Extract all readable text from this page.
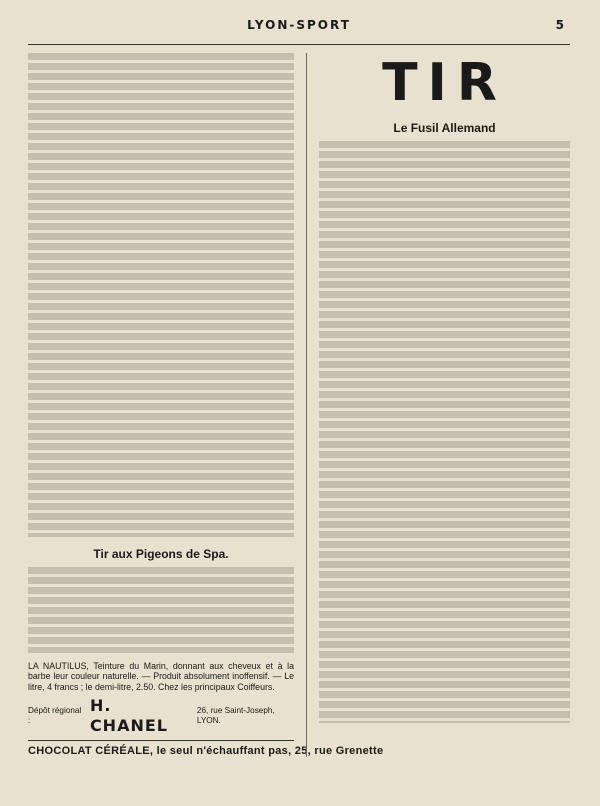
LYON-SPORT	5
Tir aux Pigeons de Spa.
LA NAUTILUS, Teinture du Marin, donnant aux cheveux et à la barbe leur couleur naturelle. — Produit absolument inoffensif. — Le litre, 4 francs ; le demi-litre, 2.50. Chez les principaux Coiffeurs.
Dépôt régional :
H. CHANEL
26, rue Saint-Joseph, LYON.
CHOCOLAT CÉRÉALE, le seul n'échauffant pas, 25, rue Grenette
TIR
Le Fusil Allemand
